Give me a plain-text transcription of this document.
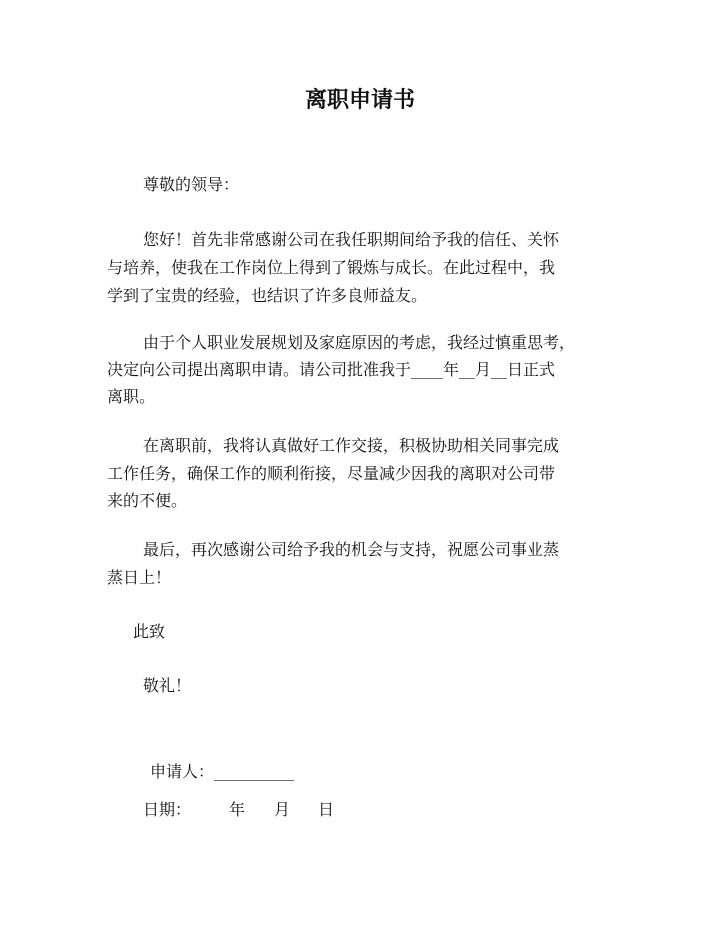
离职申请书
尊敬的领导：
您好！首先非常感谢公司在我任职期间给予我的信任、关怀
与培养，使我在工作岗位上得到了锻炼与成长。在此过程中，我
学到了宝贵的经验，也结识了许多良师益友。
由于个人职业发展规划及家庭原因的考虑，我经过慎重思考，
决定向公司提出离职申请。请公司批准我于____年__月__日正式
离职。
在离职前，我将认真做好工作交接，积极协助相关同事完成
工作任务，确保工作的顺利衔接，尽量减少因我的离职对公司带
来的不便。
最后，再次感谢公司给予我的机会与支持，祝愿公司事业蒸
蒸日上！
此致
敬礼！
申请人：__________
日期： 年 月 日
